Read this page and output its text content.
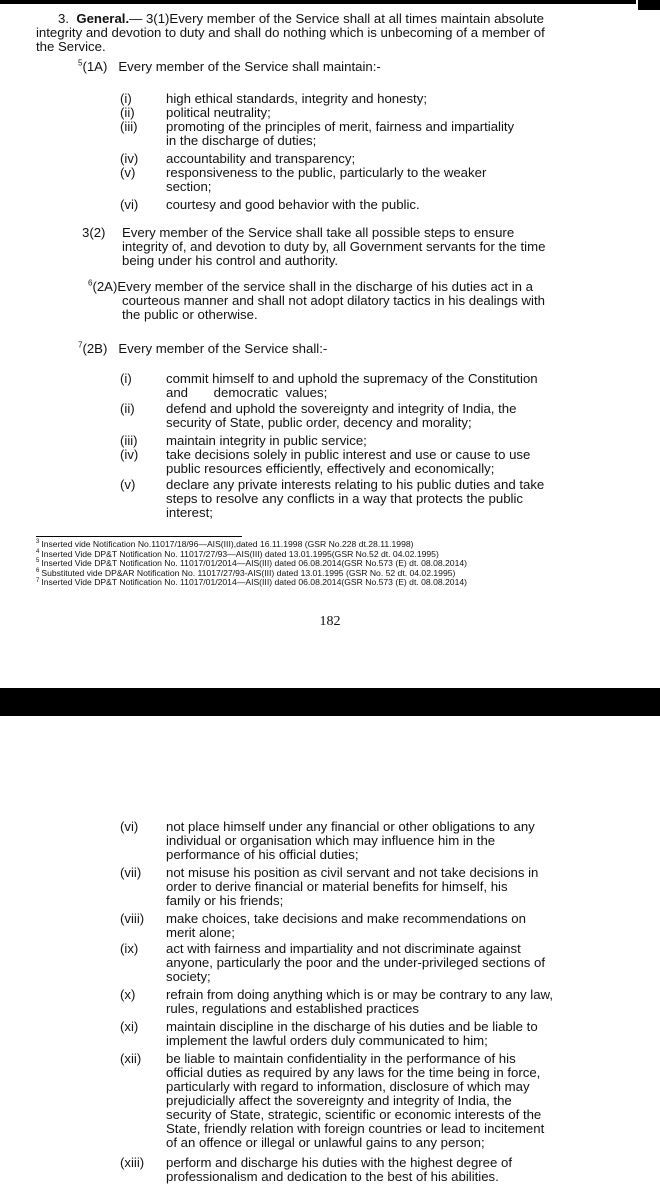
3. General.— 3(1)Every member of the Service shall at all times maintain absolute
integrity and devotion to duty and shall do nothing which is unbecoming of a member of
the Service.
$^5$(1A) Every member of the Service shall maintain:-
(i)	high ethical standards, integrity and honesty;
(ii) political neutrality;
(iii) promoting of the principles of merit, fairness and impartiality
in the discharge of duties;
(iv) accountability and transparency;
(v) responsiveness to the public, particularly to the weaker
section;
(vi) courtesy and good behavior with the public.
3(2) Every member of the Service shall take all possible steps to ensure
integrity of, and devotion to duty by, all Government servants for the time
being under his control and authority.
$^6$(2A)Every member of the service shall in the discharge of his duties act in a
courteous manner and shall not adopt dilatory tactics in his dealings with
the public or otherwise.
$^7$(2B) Every member of the Service shall:-
(i)	commit himself to and uphold the supremacy of the Constitution
and       democratic  values;
(ii) defend and uphold the sovereignty and integrity of India, the
security of State, public order, decency and morality;
(iii) maintain integrity in public service;
(iv) take decisions solely in public interest and use or cause to use
public resources efficiently, effectively and economically;
(v) declare any private interests relating to his public duties and take
steps to resolve any conflicts in a way that protects the public
interest;
$^3$ Inserted vide Notification No.11017/18/96—AIS(III),dated 16.11.1998 (GSR No.228 dt.28.11.1998)
$^4$ Inserted Vide DP&T Notification No. 11017/27/93—AIS(III) dated 13.01.1995(GSR No.52 dt. 04.02.1995)
$^5$ Inserted Vide DP&T Notification No. 11017/01/2014—AIS(III) dated 06.08.2014(GSR No.573 (E) dt. 08.08.2014)
$^6$ Substituted vide DP&AR Notification No. 11017/27/93-AIS(III) dated 13.01.1995 (GSR No. 52 dt. 04.02.1995)
$^7$ Inserted Vide DP&T Notification No. 11017/01/2014—AIS(III) dated 06.08.2014(GSR No.573 (E) dt. 08.08.2014)
182
(vi) not place himself under any financial or other obligations to any
individual or organisation which may influence him in the
performance of his official duties;
(vii) not misuse his position as civil servant and not take decisions in
order to derive financial or material benefits for himself, his
family or his friends;
(viii) make choices, take decisions and make recommendations on
merit alone;
(ix) act with fairness and impartiality and not discriminate against
anyone, particularly the poor and the under-privileged sections of
society;
(x) refrain from doing anything which is or may be contrary to any law,
rules, regulations and established practices
(xi) maintain discipline in the discharge of his duties and be liable to
implement the lawful orders duly communicated to him;
(xii) be liable to maintain confidentiality in the performance of his
official duties as required by any laws for the time being in force,
particularly with regard to information, disclosure of which may
prejudicially affect the sovereignty and integrity of India, the
security of State, strategic, scientific or economic interests of the
State, friendly relation with foreign countries or lead to incitement
of an offence or illegal or unlawful gains to any person;
(xiii) perform and discharge his duties with the highest degree of
professionalism and dedication to the best of his abilities.
